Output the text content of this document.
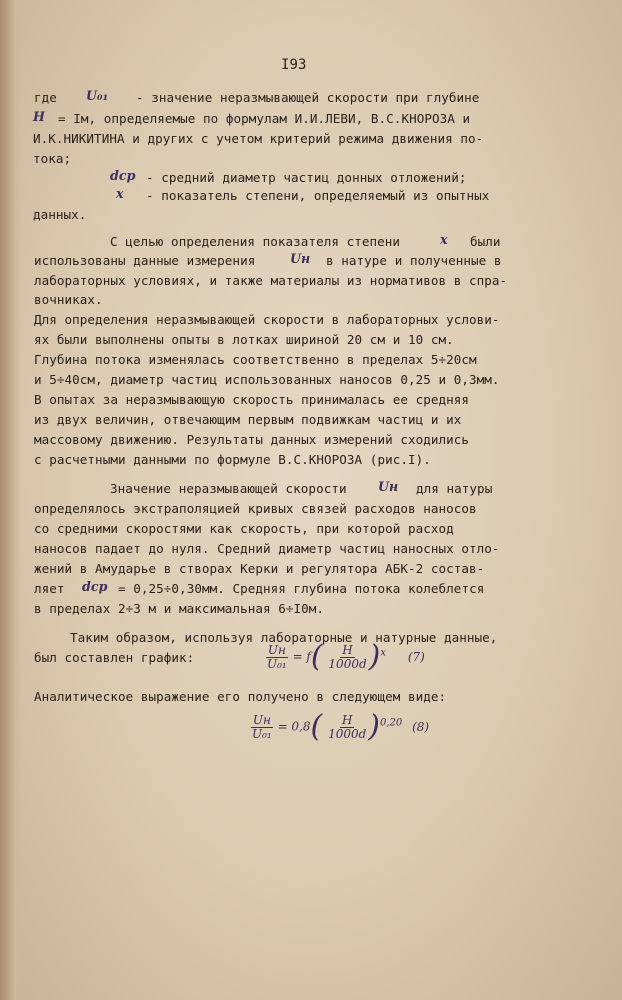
I93
где U₀₁ - значение неразмывающей скорости при глубине
H = Iм, определяемые по формулам И.И.ЛЕВИ, В.С.КНОРОЗА и
И.К.НИКИТИНА и других с учетом критерий режима движения по-
тока;
dср - средний диаметр частиц донных отложений;
x - показатель степени, определяемый из опытных
данных.
С целью определения показателя степени	x были
использованы данные измерения	Uн в натуре и полученные в
лабораторных условиях, и также материалы из нормативов в спра-
вочниках.
Для определения неразмывающей скорости в лабораторных услови-
ях были выполнены опыты в лотках шириной 20 см и 10 см.
Глубина потока изменялась соответственно в пределах 5÷20см
и 5÷40см, диаметр частиц использованных наносов 0,25 и 0,3мм.
В опытах за неразмывающую скорость принималась ее средняя
из двух величин, отвечающим первым подвижкам частиц и их
массовому движению. Результаты данных измерений сходились
с расчетными данными по формуле В.С.КНОРОЗА (рис.I).
Значение неразмывающей скорости Uн для натуры
определялось экстраполяцией кривых связей расходов наносов
со средними скоростями как скорость, при которой расход
наносов падает до нуля. Средний диаметр частиц наносных отло-
жений в Амударье в створах Керки и регулятора АБК-2 состав-
ляет dср = 0,25÷0,30мм. Средняя глубина потока колеблется
в пределах 2÷3 м и максимальная 6÷I0м.
Таким образом, используя лабораторные и натурные данные,
был составлен график:	$\frac{Uн}{\text{U₀₁}} = f( \frac{H}{1000d} )^x$ (7)
Аналитическое выражение его получено в следующем виде:
$\frac{Uн}{\text{U₀₁}} = 0,8( \frac{H}{1000d} )^{0,20}$ (8)
